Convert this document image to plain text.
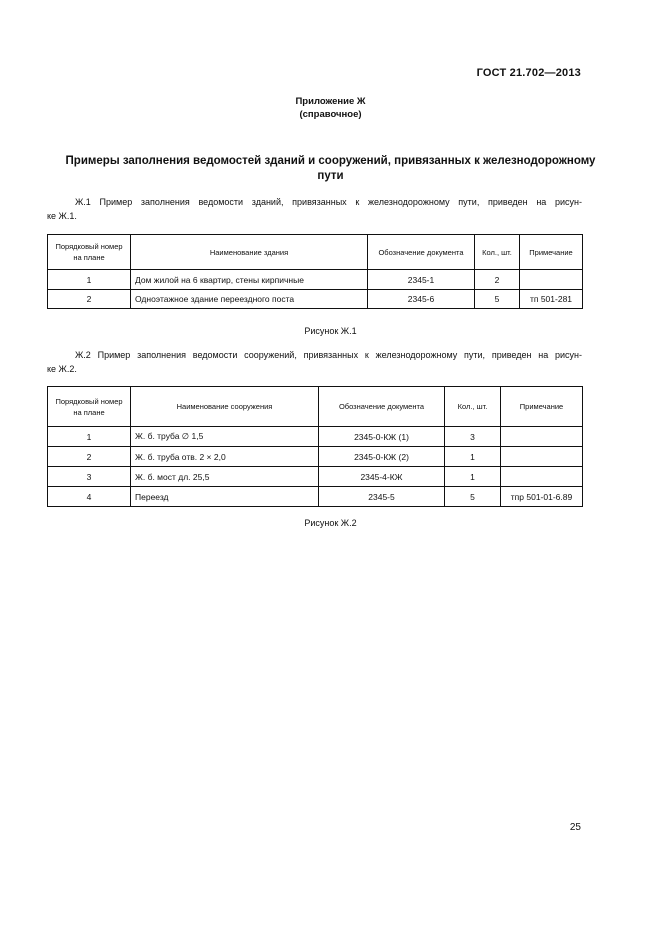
ГОСТ 21.702—2013
Приложение Ж
(справочное)
Примеры заполнения ведомостей зданий и сооружений, привязанных к железнодорожному
пути
Ж.1 Пример заполнения ведомости зданий, привязанных к железнодорожному пути, приведен на рисун-
ке Ж.1.
Порядковый номер на плане	Наименование здания	Обозначение документа	Кол., шт.	Примечание
1	Дом жилой на 6 квартир, стены кирпичные	2345-1	2	
2	Одноэтажное здание переездного поста	2345-6	5	тп 501-281
Рисунок Ж.1
Ж.2 Пример заполнения ведомости сооружений, привязанных к железнодорожному пути, приведен на рисун-
ке Ж.2.
Порядковый номер на плане	Наименование сооружения	Обозначение документа	Кол., шт.	Примечание
1	Ж. б. труба ∅ 1,5	2345-0-КЖ (1)	3	
2	Ж. б. труба отв. 2 × 2,0	2345-0-КЖ (2)	1	
3	Ж. б. мост дл. 25,5	2345-4-КЖ	1	
4	Переезд	2345-5	5	тпр 501-01-6.89
Рисунок Ж.2
25
